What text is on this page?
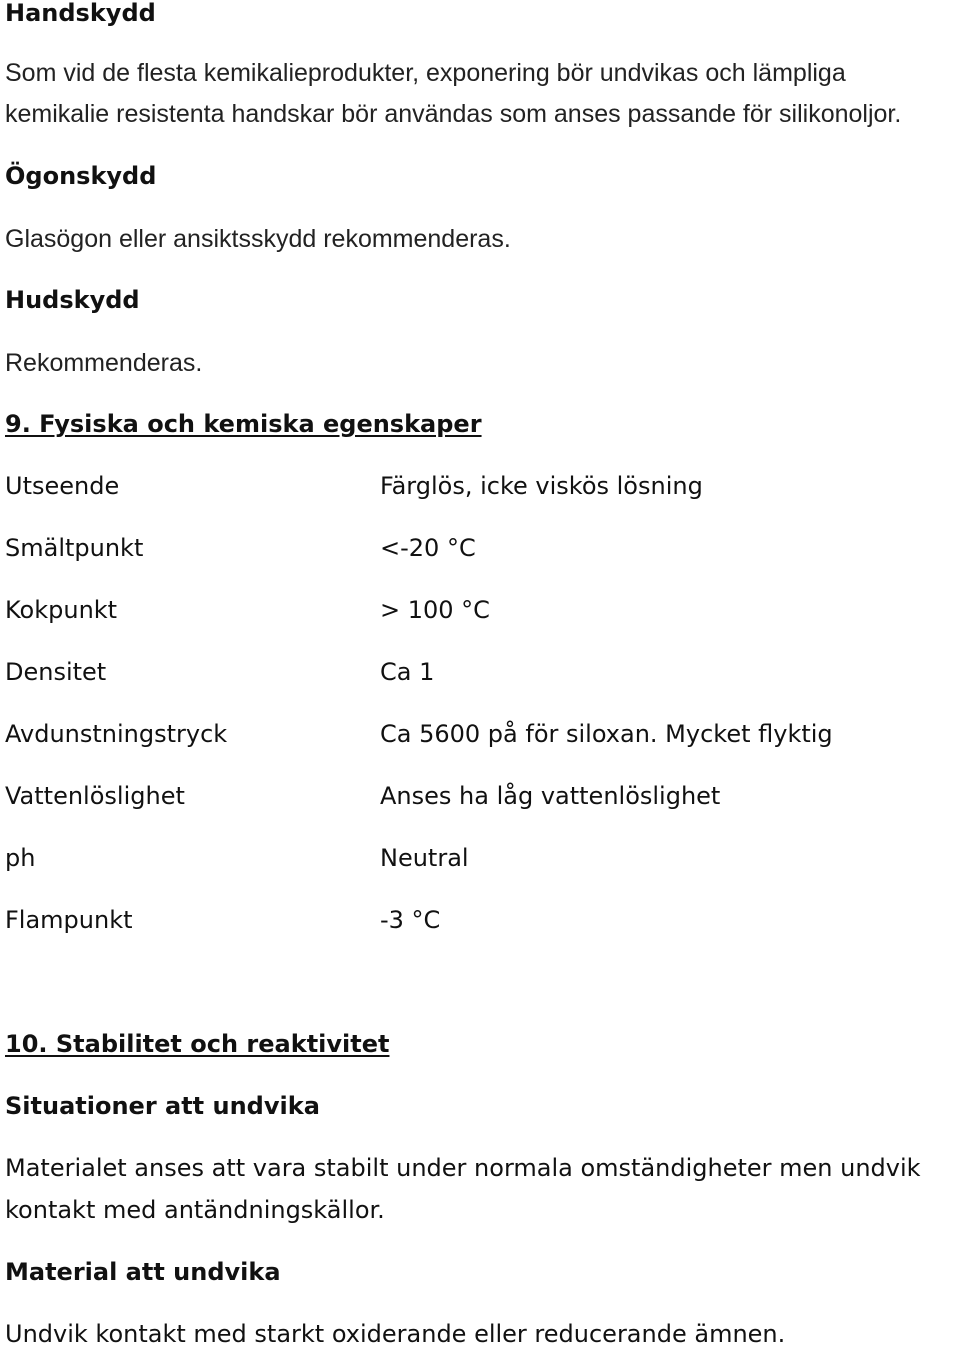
Handskydd
Som vid de flesta kemikalieprodukter, exponering bör undvikas och lämpliga
kemikalie resistenta handskar bör användas som anses passande för silikonoljor.
Ögonskydd
Glasögon eller ansiktsskydd rekommenderas.
Hudskydd
Rekommenderas.
9. Fysiska och kemiska egenskaper
Utseende	Färglös, icke viskös lösning
Smältpunkt	<-20 °C
Kokpunkt	> 100 °C
Densitet	Ca 1
Avdunstningstryck	Ca 5600 på för siloxan. Mycket flyktig
Vattenlöslighet	Anses ha låg vattenlöslighet
ph	Neutral
Flampunkt	-3 °C
10. Stabilitet och reaktivitet
Situationer att undvika
Materialet anses att vara stabilt under normala omständigheter men undvik
kontakt med antändningskällor.
Material att undvika
Undvik kontakt med starkt oxiderande eller reducerande ämnen.
